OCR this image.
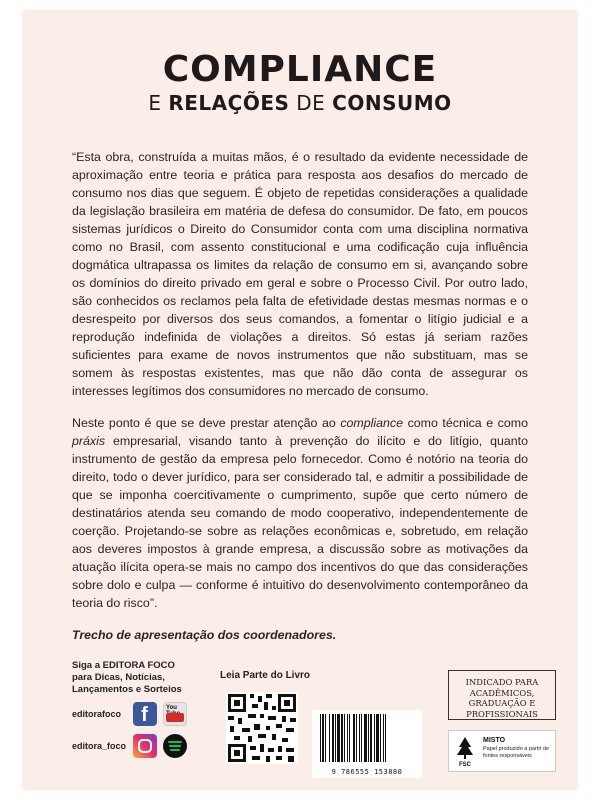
COMPLIANCE
E RELAÇÕES DE CONSUMO

“Esta obra, construída a muitas mãos, é o resultado da evidente necessidade de aproximação entre teoria e prática para resposta aos desafios do mercado de consumo nos dias que seguem. É objeto de repetidas considerações a qualidade da legislação brasileira em matéria de defesa do consumidor. De fato, em poucos sistemas jurídicos o Direito do Consumidor conta com uma disciplina normativa como no Brasil, com assento constitucional e uma codificação cuja influência dogmática ultrapassa os limites da relação de consumo em si, avançando sobre os domínios do direito privado em geral e sobre o Processo Civil. Por outro lado, são conhecidos os reclamos pela falta de efetividade destas mesmas normas e o desrespeito por diversos dos seus comandos, a fomentar o litígio judicial e a reprodução indefinida de violações a direitos. Só estas já seriam razões suficientes para exame de novos instrumentos que não substituam, mas se somem às respostas existentes, mas que não dão conta de assegurar os interesses legítimos dos consumidores no mercado de consumo.

Neste ponto é que se deve prestar atenção ao compliance como técnica e como práxis empresarial, visando tanto à prevenção do ilícito e do litígio, quanto instrumento de gestão da empresa pelo fornecedor. Como é notório na teoria do direito, todo o dever jurídico, para ser considerado tal, e admitir a possibilidade de que se imponha coercitivamente o cumprimento, supõe que certo número de destinatários atenda seu comando de modo cooperativo, independentemente de coerção. Projetando-se sobre as relações econômicas e, sobretudo, em relação aos deveres impostos à grande empresa, a discussão sobre as motivações da atuação ilícita opera-se mais no campo dos incentivos do que das considerações sobre dolo e culpa — conforme é intuitivo do desenvolvimento contemporâneo da teoria do risco”.

Trecho de apresentação dos coordenadores.
Siga a EDITORA FOCO para Dicas, Notícias, Lançamentos e Sorteios
editorafoco f	You
editora_foco

Leia Parte do Livro
9 786555 153880
INDICADO PARA
ACADÊMICOS,
GRADUAÇÃO E
PROFISSIONAIS
FSC
MISTO
Papel produzido a partir de fontes responsáveis
